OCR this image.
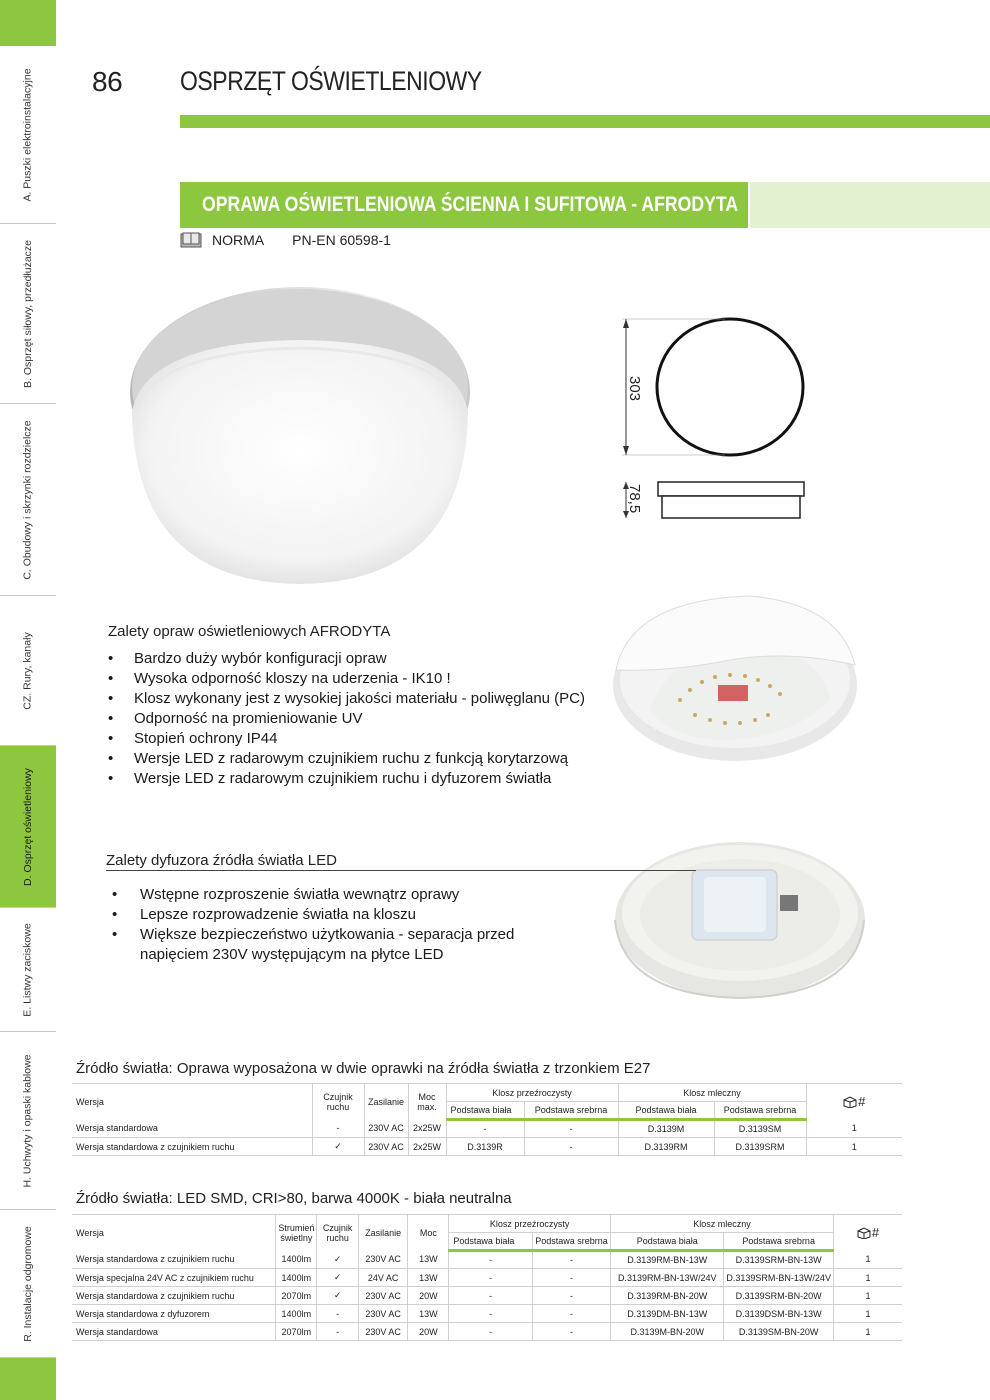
A. Puszki elektroinstalacyjne
B. Osprzęt siłowy, przedłużacze
C. Obudowy i skrzynki rozdzielcze
CZ. Rury, kanały
D. Osprzęt oświetleniowy
E. Listwy zaciskowe
H. Uchwyty i opaski kablowe
R. Instalacje odgromowe
86 OSPRZĘT OŚWIETLENIOWY
OPRAWA OŚWIETLENIOWA ŚCIENNA I SUFITOWA - AFRODYTA
NORMA PN-EN 60598-1
303
78,5
Zalety opraw oświetleniowych AFRODYTA
• Bardzo duży wybór konfiguracji opraw
• Wysoka odporność kloszy na uderzenia - IK10 !
• Klosz wykonany jest z wysokiej jakości materiału - poliwęglanu (PC)
• Odporność na promieniowanie UV
• Stopień ochrony IP44
• Wersje LED z radarowym czujnikiem ruchu z funkcją korytarzową
• Wersje LED z radarowym czujnikiem ruchu i dyfuzorem światła
Zalety dyfuzora źródła światła LED
• Wstępne rozproszenie światła wewnątrz oprawy
• Lepsze rozprowadzenie światła na kloszu
• Większe bezpieczeństwo użytkowania - separacja przed
napięciem 230V występującym na płytce LED
Źródło światła: Oprawa wyposażona w dwie oprawki na źródła światła z trzonkiem E27
Wersja	Czujnik ruchu	Zasilanie	Moc max.	Klosz przeźroczysty		Klosz mleczny		#

				Podstawa biała	Podstawa srebrna	Podstawa biała	Podstawa srebrna	
Wersja standardowa	-	230V AC	2x25W	-	-	D.3139M	D.3139SM	1
Wersja standardowa z czujnikiem ruchu	✓	230V AC	2x25W	D.3139R	-	D.3139RM	D.3139SRM	1
Źródło światła: LED SMD, CRI>80, barwa 4000K - biała neutralna
Wersja	Strumień świetlny	Czujnik ruchu	Zasilanie	Moc	Klosz przeźroczysty		Klosz mleczny		#

					Podstawa biała	Podstawa srebrna	Podstawa biała	Podstawa srebrna	
Wersja standardowa z czujnikiem ruchu	1400lm	✓	230V AC	13W	-	-	D.3139RM-BN-13W	D.3139SRM-BN-13W	1
Wersja specjalna 24V AC z czujnikiem ruchu	1400lm	✓	24V AC	13W	-	-	D.3139RM-BN-13W/24V	D.3139SRM-BN-13W/24V	1
Wersja standardowa z czujnikiem ruchu	2070lm	✓	230V AC	20W	-	-	D.3139RM-BN-20W	D.3139SRM-BN-20W	1
Wersja standardowa z dyfuzorem	1400lm	-	230V AC	13W	-	-	D.3139DM-BN-13W	D.3139DSM-BN-13W	1
Wersja standardowa	2070lm	-	230V AC	20W	-	-	D.3139M-BN-20W	D.3139SM-BN-20W	1
